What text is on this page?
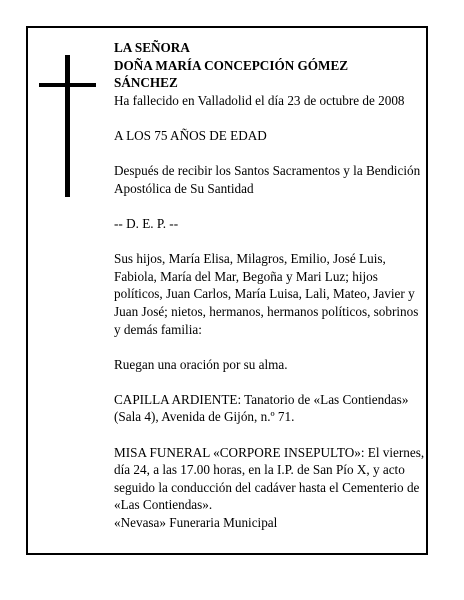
LA SEÑORA

DOÑA MARÍA CONCEPCIÓN GÓMEZ

SÁNCHEZ

Ha fallecido en Valladolid el día 23 de octubre de 2008

A LOS 75 AÑOS DE EDAD

Después de recibir los Santos Sacramentos y la Bendición Apostólica de Su Santidad

-- D. E. P. --

Sus hijos, María Elisa, Milagros, Emilio, José Luis, Fabiola, María del Mar, Begoña y Mari Luz; hijos políticos, Juan Carlos, María Luisa, Lali, Mateo, Javier y Juan José; nietos, hermanos, hermanos políticos, sobrinos y demás familia:

Ruegan una oración por su alma.

CAPILLA ARDIENTE: Tanatorio de «Las Contiendas» (Sala 4), Avenida de Gijón, n.º 71.

MISA FUNERAL «CORPORE INSEPULTO»: El viernes, día 24, a las 17.00 horas, en la I.P. de San Pío X, y acto seguido la conducción del cadáver hasta el Cementerio de «Las Contiendas».

«Nevasa» Funeraria Municipal
